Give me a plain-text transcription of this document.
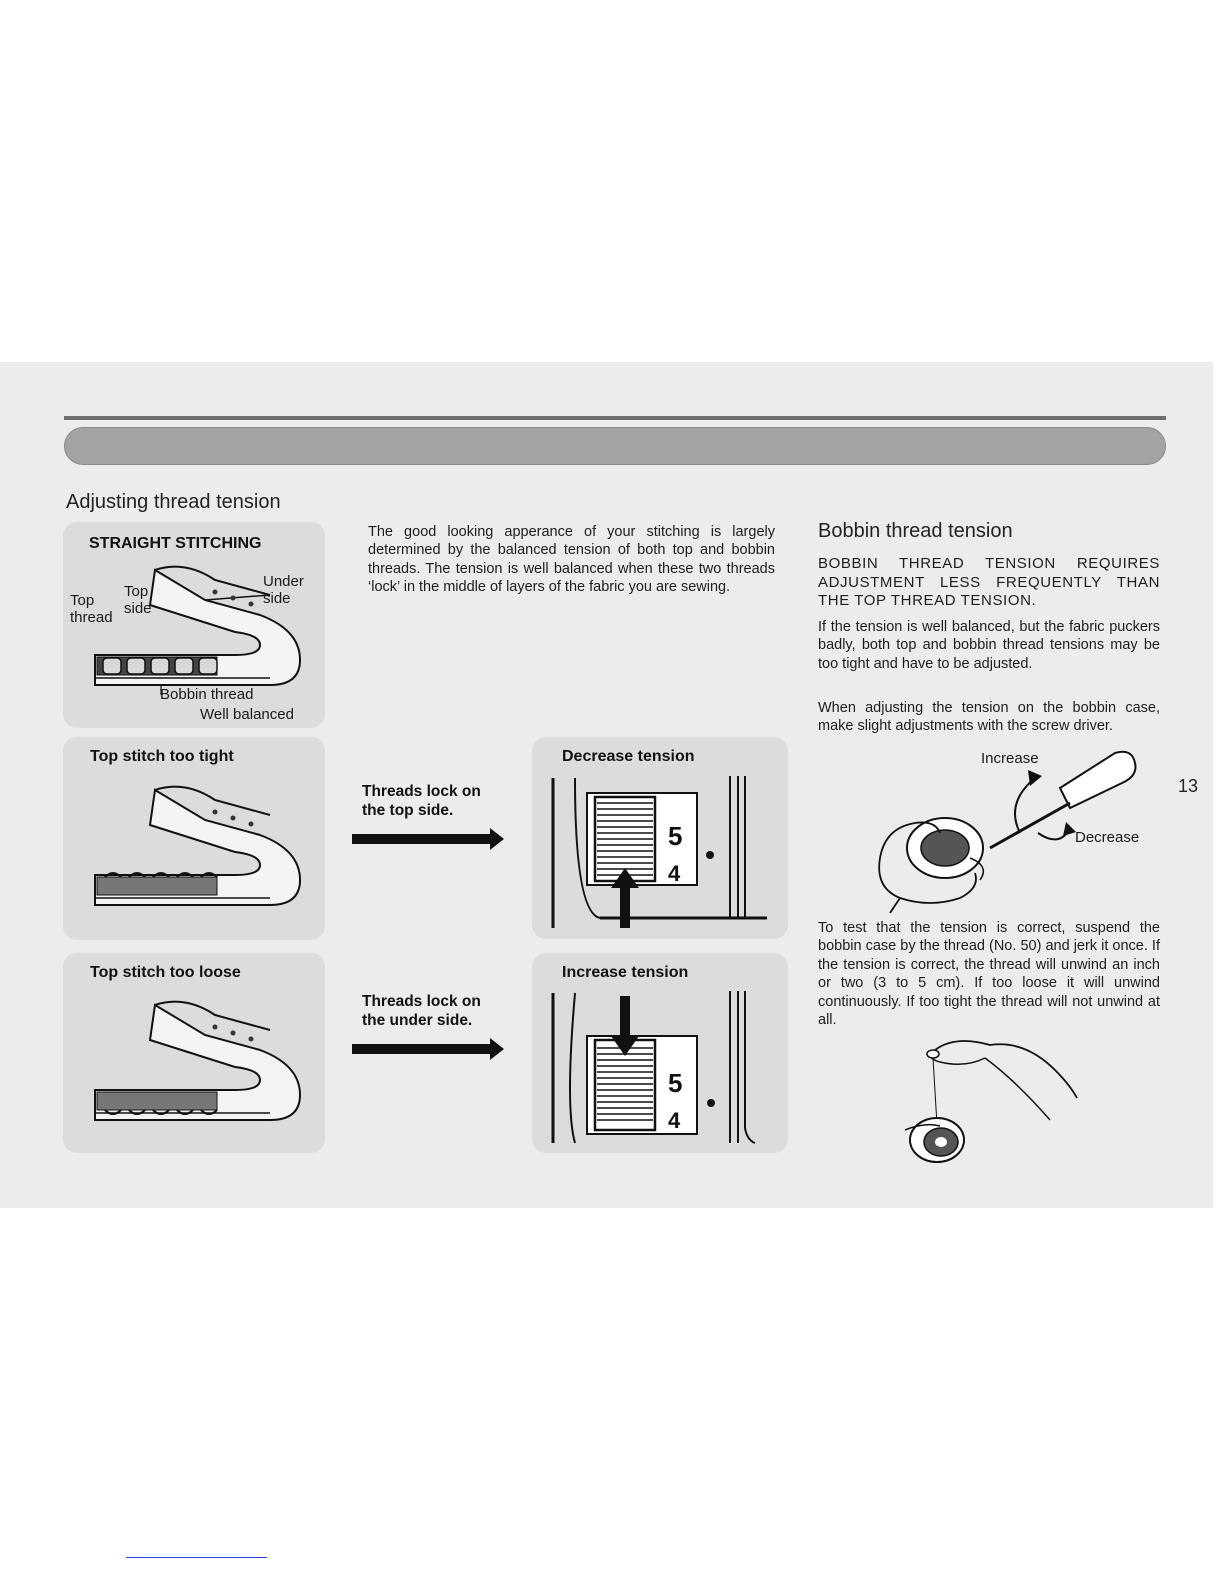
Adjusting thread tension
STRAIGHT STITCHING
Top
thread
Top
side
Under
side
Bobbin thread
Well balanced
Top stitch too tight
Top stitch too loose
The good looking apperance of your stitching is largely determined by the balanced tension of both top and bobbin threads. The tension is well balanced when these two threads ‘lock’ in the middle of layers of the fabric you are sewing.
Threads lock on
the top side.
Threads lock on
the under side.
Decrease tension
5
4
Increase tension
5
4
Bobbin thread tension
BOBBIN THREAD TENSION REQUIRES ADJUSTMENT LESS FREQUENTLY THAN THE TOP THREAD TENSION.
If the tension is well balanced, but the fabric puckers badly, both top and bobbin thread tensions may be too tight and have to be adjusted.
When adjusting the tension on the bobbin case, make slight adjustments with the screw driver.
Increase
Decrease
To test that the tension is correct, suspend the bobbin case by the thread (No. 50) and jerk it once. If the tension is correct, the thread will unwind an inch or two (3 to 5 cm). If too loose it will unwind continuously. If too tight the thread will not unwind at all.
13
